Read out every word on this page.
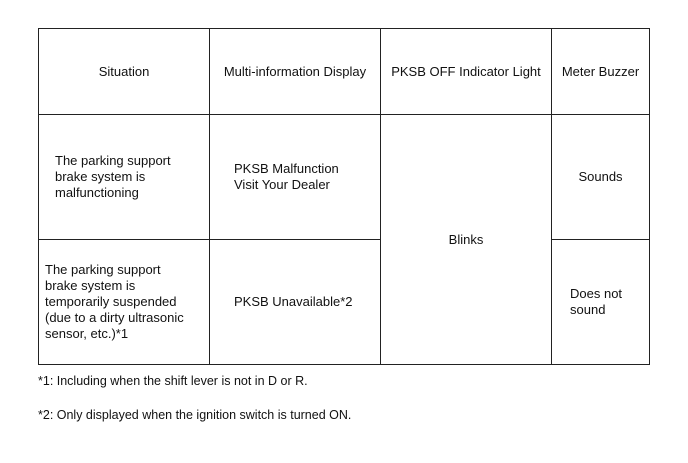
Situation	Multi-information Display	PKSB OFF Indicator Light	Meter Buzzer

The parking support
brake system is
malfunctioning	PKSB Malfunction
Visit Your Dealer	Blinks	Sounds

The parking support
brake system is
temporarily suspended
(due to a dirty ultrasonic
sensor, etc.)*1	PKSB Unavailable*2		Does not
sound
*1: Including when the shift lever is not in D or R.
*2: Only displayed when the ignition switch is turned ON.
